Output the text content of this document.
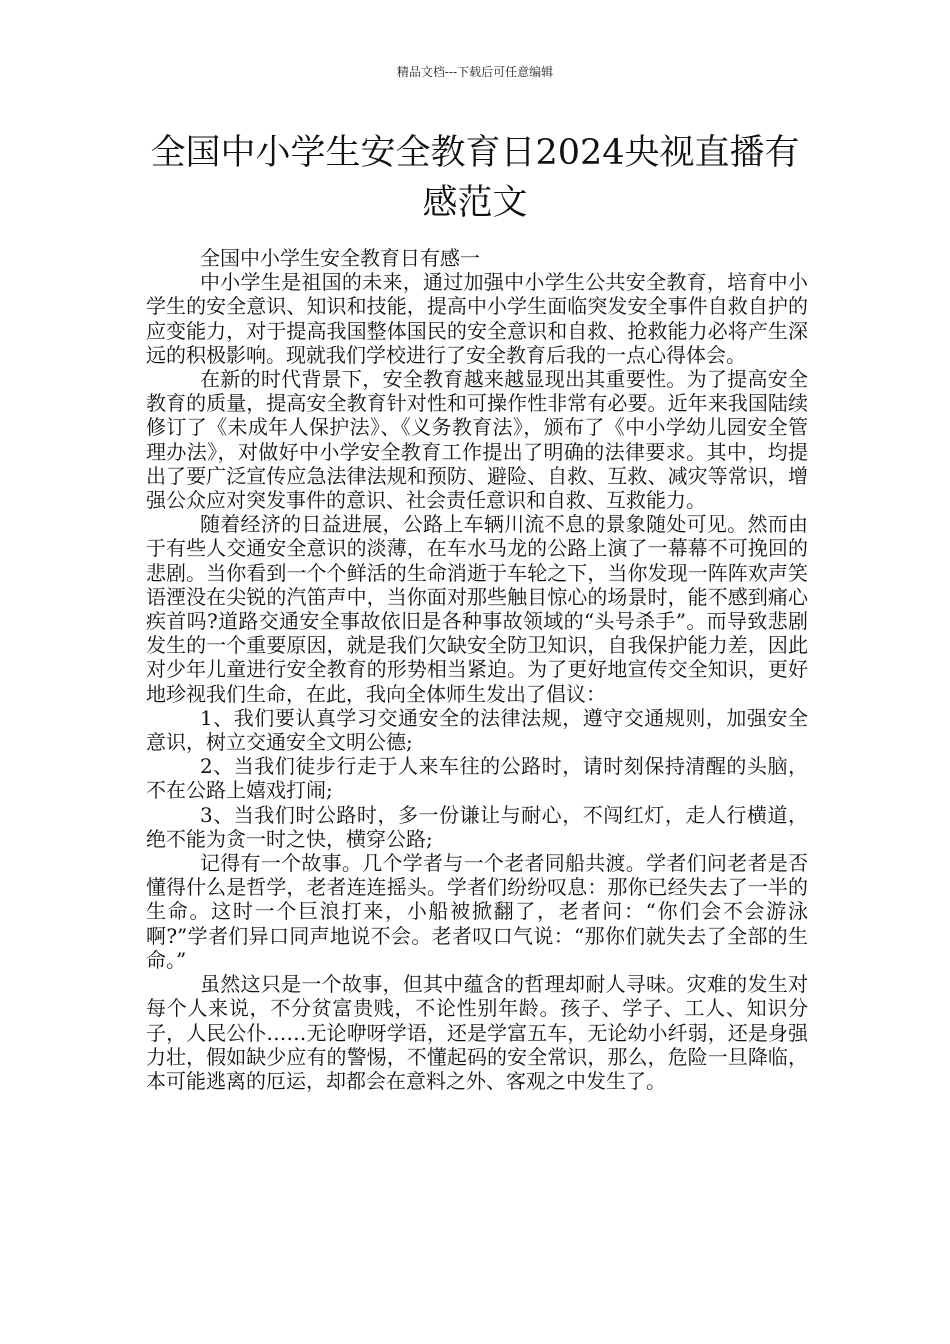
精品文档---下载后可任意编辑
全国中小学生安全教育日2024央视直播有感范文

全国中小学生安全教育日有感一

中小学生是祖国的未来，通过加强中小学生公共安全教育，培育中小学生的安全意识、知识和技能，提高中小学生面临突发安全事件自救自护的应变能力，对于提高我国整体国民的安全意识和自救、抢救能力必将产生深远的积极影响。现就我们学校进行了安全教育后我的一点心得体会。

在新的时代背景下，安全教育越来越显现出其重要性。为了提高安全教育的质量，提高安全教育针对性和可操作性非常有必要。近年来我国陆续修订了《未成年人保护法》、《义务教育法》，颁布了《中小学幼儿园安全管理办法》，对做好中小学安全教育工作提出了明确的法律要求。其中，均提出了要广泛宣传应急法律法规和预防、避险、自救、互救、减灾等常识，增强公众应对突发事件的意识、社会责任意识和自救、互救能力。

随着经济的日益进展，公路上车辆川流不息的景象随处可见。然而由于有些人交通安全意识的淡薄，在车水马龙的公路上演了一幕幕不可挽回的悲剧。当你看到一个个鲜活的生命消逝于车轮之下，当你发现一阵阵欢声笑语湮没在尖锐的汽笛声中，当你面对那些触目惊心的场景时，能不感到痛心疾首吗?道路交通安全事故依旧是各种事故领域的“头号杀手”。而导致悲剧发生的一个重要原因，就是我们欠缺安全防卫知识，自我保护能力差，因此对少年儿童进行安全教育的形势相当紧迫。为了更好地宣传交全知识，更好地珍视我们生命，在此，我向全体师生发出了倡议：

1、我们要认真学习交通安全的法律法规，遵守交通规则，加强安全意识，树立交通安全文明公德;

2、当我们徒步行走于人来车往的公路时，请时刻保持清醒的头脑，不在公路上嬉戏打闹;

3、当我们时公路时，多一份谦让与耐心，不闯红灯，走人行横道，绝不能为贪一时之快，横穿公路;

记得有一个故事。几个学者与一个老者同船共渡。学者们问老者是否懂得什么是哲学，老者连连摇头。学者们纷纷叹息：那你已经失去了一半的生命。这时一个巨浪打来，小船被掀翻了，老者问：“你们会不会游泳啊?”学者们异口同声地说不会。老者叹口气说：“那你们就失去了全部的生命。”

虽然这只是一个故事，但其中蕴含的哲理却耐人寻味。灾难的发生对每个人来说，不分贫富贵贱，不论性别年龄。孩子、学子、工人、知识分子，人民公仆……无论咿呀学语，还是学富五车，无论幼小纤弱，还是身强力壮，假如缺少应有的警惕，不懂起码的安全常识，那么，危险一旦降临，本可能逃离的厄运，却都会在意料之外、客观之中发生了。
